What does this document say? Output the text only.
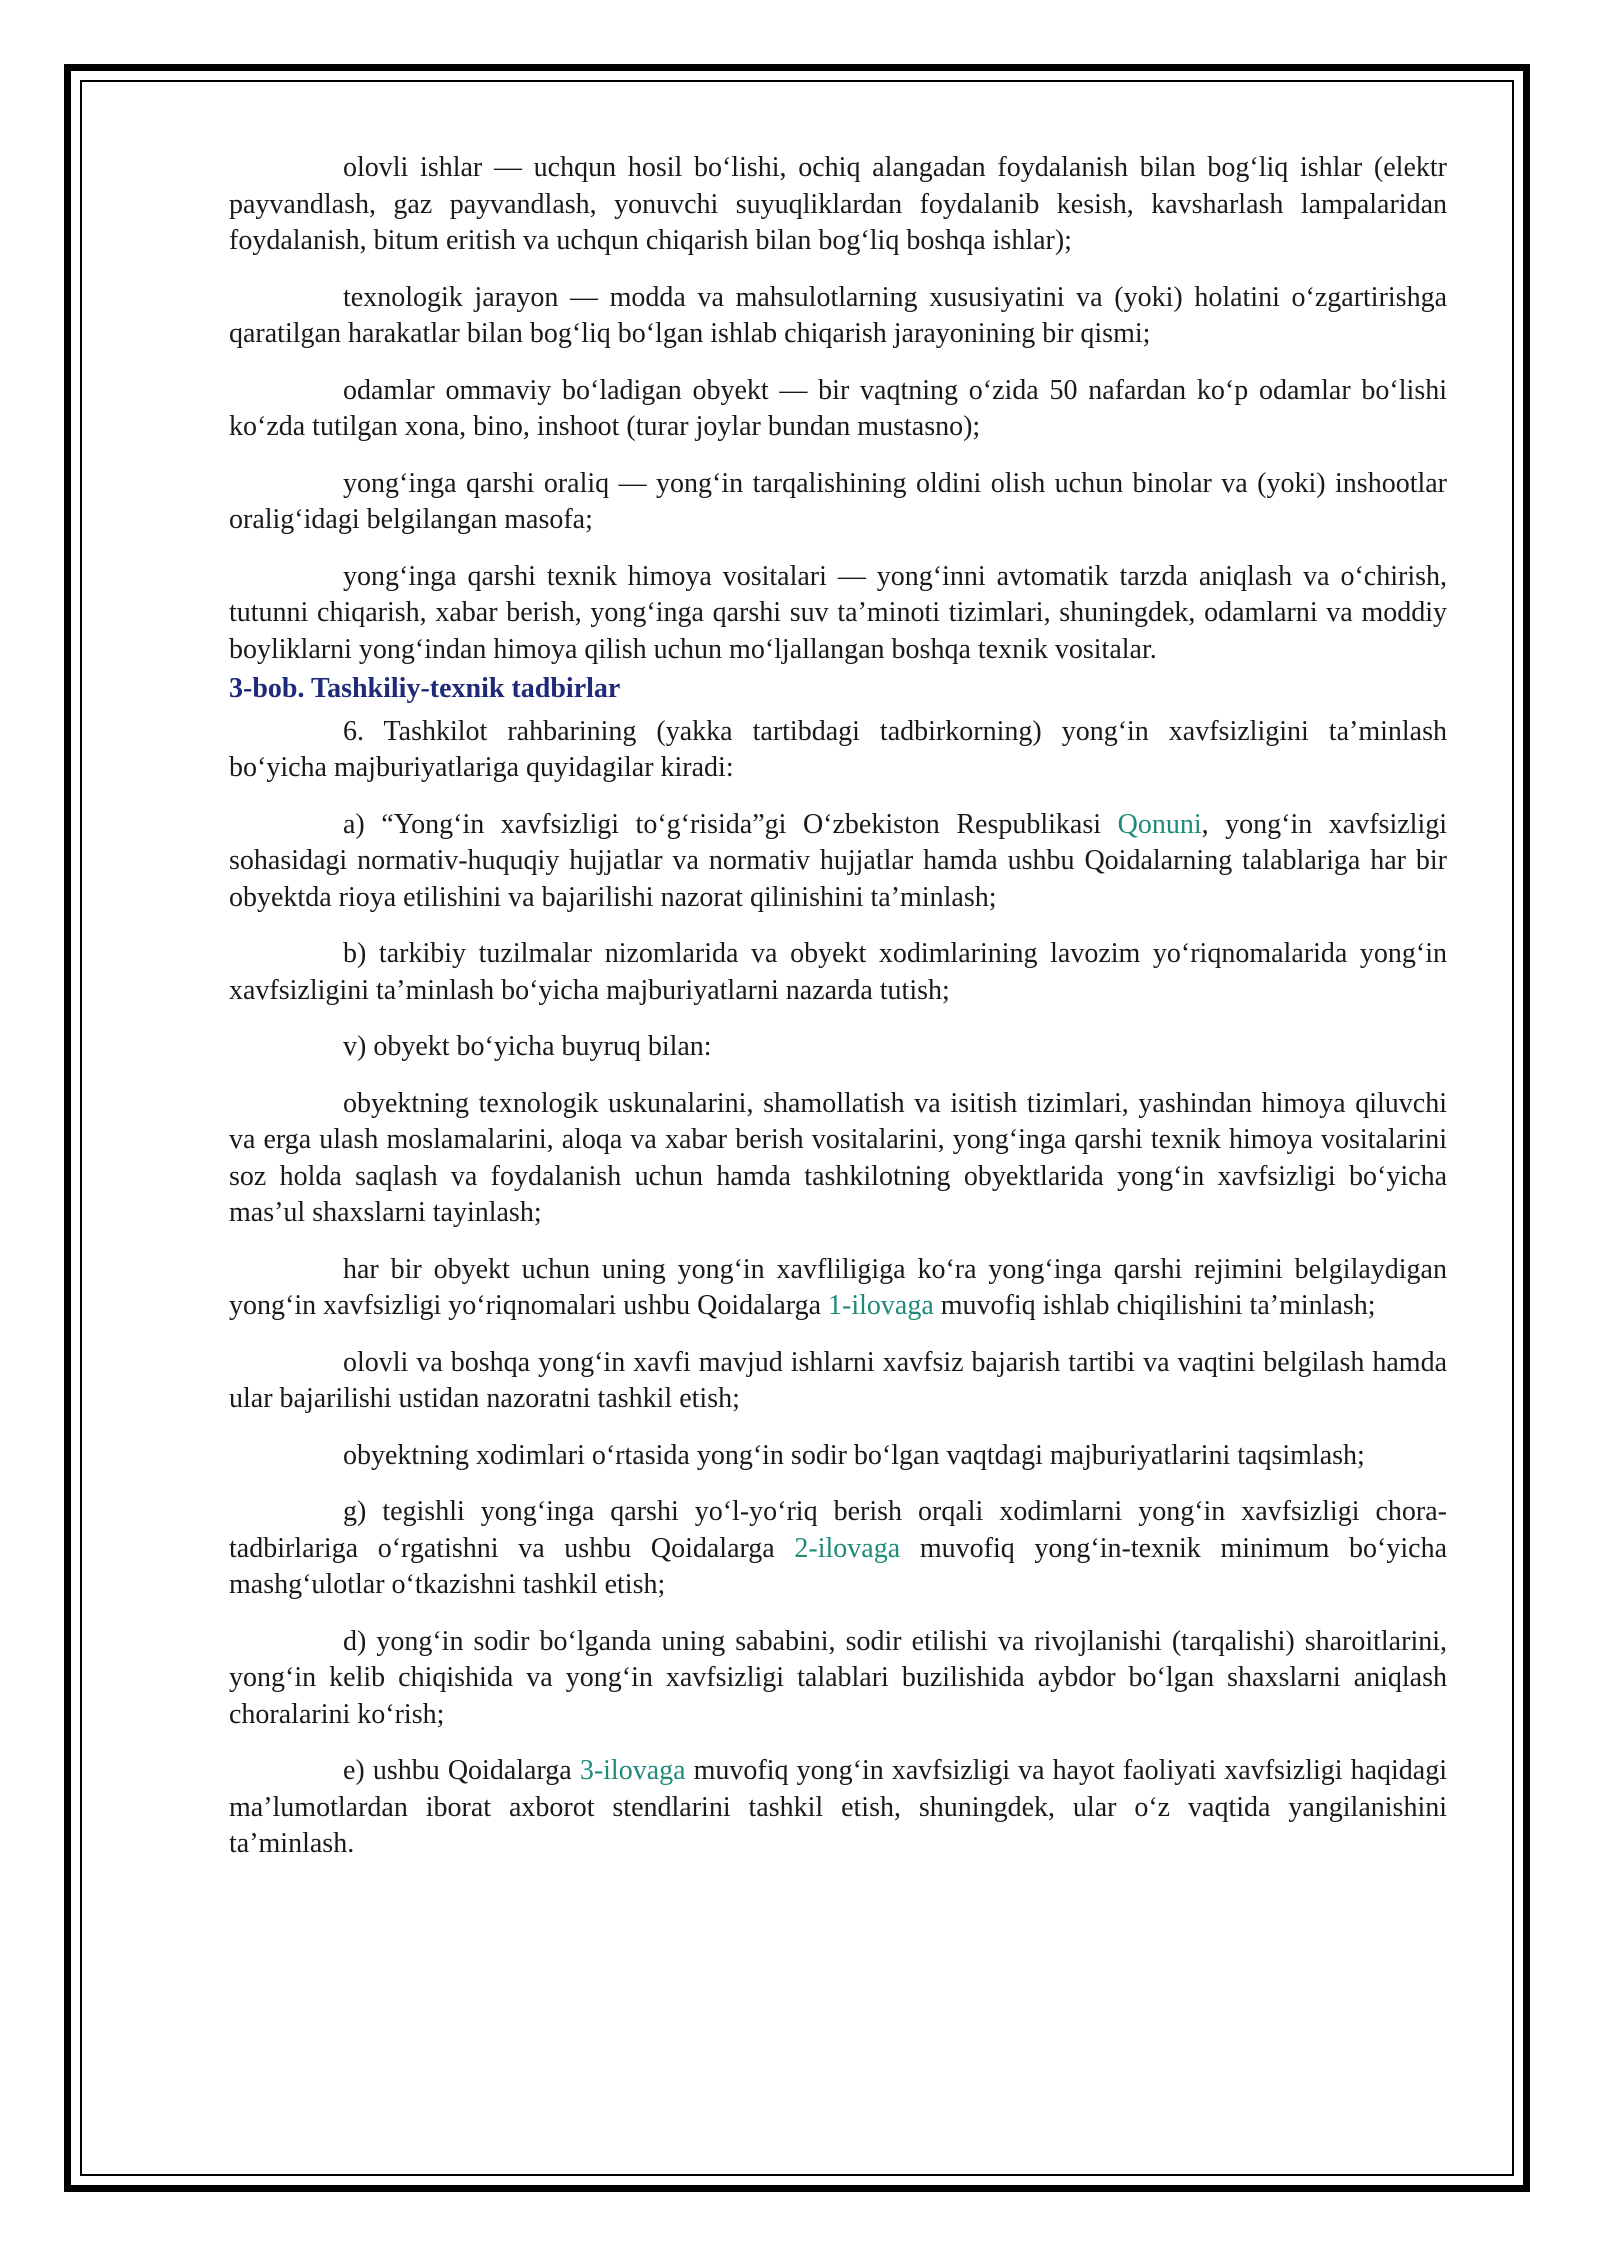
olovli ishlar — uchqun hosil bo‘lishi, ochiq alangadan foydalanish bilan bog‘liq ishlar (elektr payvandlash, gaz payvandlash, yonuvchi suyuqliklardan foydalanib kesish, kavsharlash lampalaridan foydalanish, bitum eritish va uchqun chiqarish bilan bog‘liq boshqa ishlar);

texnologik jarayon — modda va mahsulotlarning xususiyatini va (yoki) holatini o‘zgartirishga qaratilgan harakatlar bilan bog‘liq bo‘lgan ishlab chiqarish jarayonining bir qismi;

odamlar ommaviy bo‘ladigan obyekt — bir vaqtning o‘zida 50 nafardan ko‘p odamlar bo‘lishi ko‘zda tutilgan xona, bino, inshoot (turar joylar bundan mustasno);

yong‘inga qarshi oraliq — yong‘in tarqalishining oldini olish uchun binolar va (yoki) inshootlar oralig‘idagi belgilangan masofa;

yong‘inga qarshi texnik himoya vositalari — yong‘inni avtomatik tarzda aniqlash va o‘chirish, tutunni chiqarish, xabar berish, yong‘inga qarshi suv ta’minoti tizimlari, shuningdek, odamlarni va moddiy boyliklarni yong‘indan himoya qilish uchun mo‘ljallangan boshqa texnik vositalar.

3-bob. Tashkiliy-texnik tadbirlar

6. Tashkilot rahbarining (yakka tartibdagi tadbirkorning) yong‘in xavfsizligini ta’minlash bo‘yicha majburiyatlariga quyidagilar kiradi:

a) “Yong‘in xavfsizligi to‘g‘risida”gi O‘zbekiston Respublikasi Qonuni, yong‘in xavfsizligi sohasidagi normativ-huquqiy hujjatlar va normativ hujjatlar hamda ushbu Qoidalarning talablariga har bir obyektda rioya etilishini va bajarilishi nazorat qilinishini ta’minlash;

b) tarkibiy tuzilmalar nizomlarida va obyekt xodimlarining lavozim yo‘riqnomalarida yong‘in xavfsizligini ta’minlash bo‘yicha majburiyatlarni nazarda tutish;

v) obyekt bo‘yicha buyruq bilan:

obyektning texnologik uskunalarini, shamollatish va isitish tizimlari, yashindan himoya qiluvchi va erga ulash moslamalarini, aloqa va xabar berish vositalarini, yong‘inga qarshi texnik himoya vositalarini soz holda saqlash va foydalanish uchun hamda tashkilotning obyektlarida yong‘in xavfsizligi bo‘yicha mas’ul shaxslarni tayinlash;

har bir obyekt uchun uning yong‘in xavfliligiga ko‘ra yong‘inga qarshi rejimini belgilaydigan yong‘in xavfsizligi yo‘riqnomalari ushbu Qoidalarga 1-ilovaga muvofiq ishlab chiqilishini ta’minlash;

olovli va boshqa yong‘in xavfi mavjud ishlarni xavfsiz bajarish tartibi va vaqtini belgilash hamda ular bajarilishi ustidan nazoratni tashkil etish;

obyektning xodimlari o‘rtasida yong‘in sodir bo‘lgan vaqtdagi majburiyatlarini taqsimlash;

g) tegishli yong‘inga qarshi yo‘l-yo‘riq berish orqali xodimlarni yong‘in xavfsizligi chora-tadbirlariga o‘rgatishni va ushbu Qoidalarga 2-ilovaga muvofiq yong‘in-texnik minimum bo‘yicha mashg‘ulotlar o‘tkazishni tashkil etish;

d) yong‘in sodir bo‘lganda uning sababini, sodir etilishi va rivojlanishi (tarqalishi) sharoitlarini, yong‘in kelib chiqishida va yong‘in xavfsizligi talablari buzilishida aybdor bo‘lgan shaxslarni aniqlash choralarini ko‘rish;

e) ushbu Qoidalarga 3-ilovaga muvofiq yong‘in xavfsizligi va hayot faoliyati xavfsizligi haqidagi ma’lumotlardan iborat axborot stendlarini tashkil etish, shuningdek, ular o‘z vaqtida yangilanishini ta’minlash.
